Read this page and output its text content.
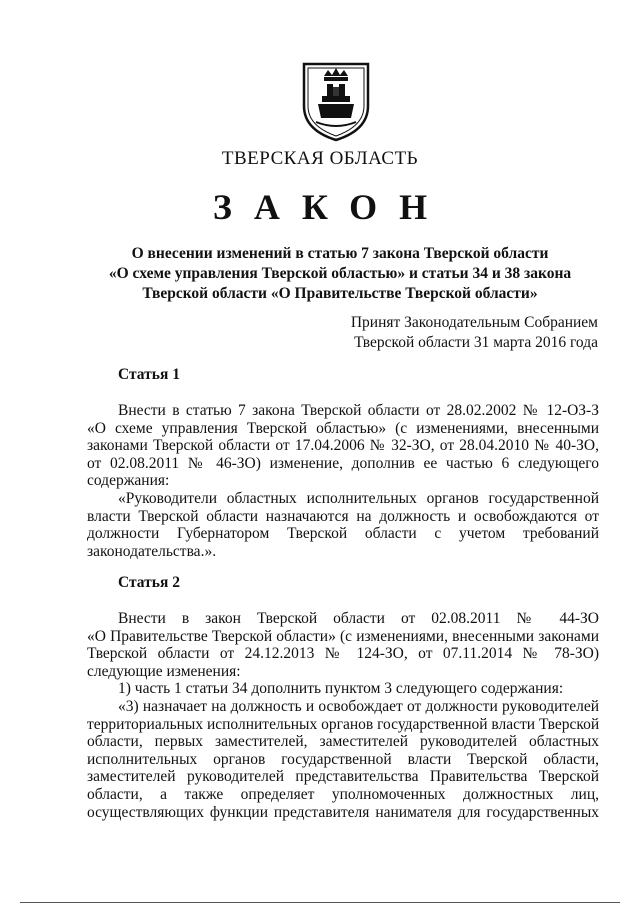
ТВЕРСКАЯ ОБЛАСТЬ
ЗАКОН
О внесении изменений в статью 7 закона Тверской области
«О схеме управления Тверской областью» и статьи 34 и 38 закона
Тверской области «О Правительстве Тверской области»
Принят Законодательным Собранием
Тверской области 31 марта 2016 года
Статья 1
Внести в статью 7 закона Тверской области от 28.02.2002 № 12-ОЗ-З
«О схеме управления Тверской областью» (с изменениями, внесенными
законами Тверской области от 17.04.2006 № 32-ЗО, от 28.04.2010 № 40-ЗО,
от 02.08.2011 № 46-ЗО) изменение, дополнив ее частью 6 следующего
содержания:
«Руководители областных исполнительных органов государственной
власти Тверской области назначаются на должность и освобождаются от
должности Губернатором Тверской области с учетом требований
законодательства.».
Статья 2
Внести в закон Тверской области от 02.08.2011 № 44-ЗО
«О Правительстве Тверской области» (с изменениями, внесенными законами
Тверской области от 24.12.2013 № 124-ЗО, от 07.11.2014 № 78-ЗО)
следующие изменения:
1) часть 1 статьи 34 дополнить пунктом 3 следующего содержания:
«3) назначает на должность и освобождает от должности руководителей
территориальных исполнительных органов государственной власти Тверской
области, первых заместителей, заместителей руководителей областных
исполнительных органов государственной власти Тверской области,
заместителей руководителей представительства Правительства Тверской
области, а также определяет уполномоченных должностных лиц,
осуществляющих функции представителя нанимателя для государственных
